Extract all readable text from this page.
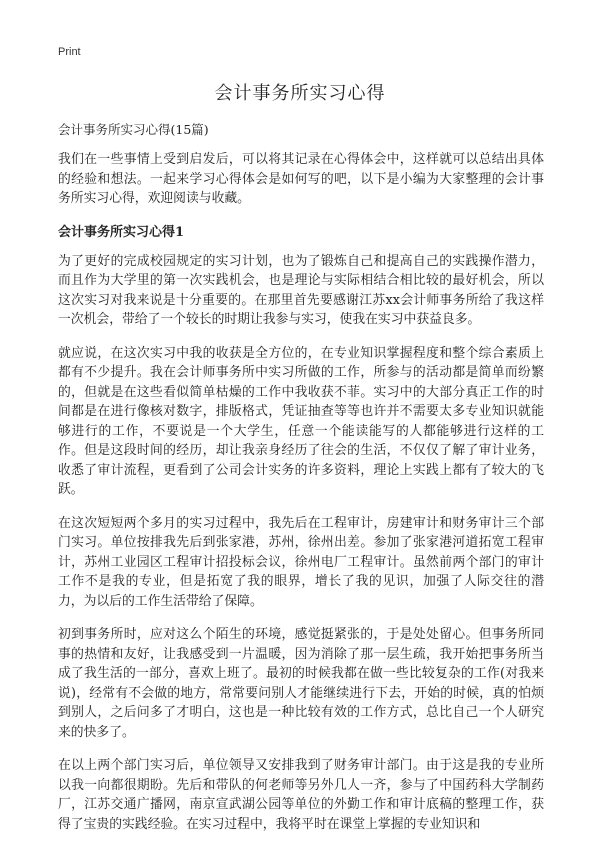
Print
会计事务所实习心得
会计事务所实习心得(15篇)

我们在一些事情上受到启发后，可以将其记录在心得体会中，这样就可以总结出具体的经验和想法。一起来学习心得体会是如何写的吧，以下是小编为大家整理的会计事务所实习心得，欢迎阅读与收藏。

会计事务所实习心得1

为了更好的完成校园规定的实习计划，也为了锻炼自己和提高自己的实践操作潜力，而且作为大学里的第一次实践机会，也是理论与实际相结合相比较的最好机会，所以这次实习对我来说是十分重要的。在那里首先要感谢江苏xx会计师事务所给了我这样一次机会，带给了一个较长的时期让我参与实习，使我在实习中获益良多。

就应说，在这次实习中我的收获是全方位的，在专业知识掌握程度和整个综合素质上都有不少提升。我在会计师事务所中实习所做的工作，所参与的活动都是简单而纷繁的，但就是在这些看似简单枯燥的工作中我收获不菲。实习中的大部分真正工作的时间都是在进行像核对数字，排版格式，凭证抽查等等也许并不需要太多专业知识就能够进行的工作，不要说是一个大学生，任意一个能读能写的人都能够进行这样的工作。但是这段时间的经历，却让我亲身经历了往会的生活，不仅仅了解了审计业务，收悉了审计流程，更看到了公司会计实务的许多资料，理论上实践上都有了较大的飞跃。

在这次短短两个多月的实习过程中，我先后在工程审计，房建审计和财务审计三个部门实习。单位按排我先后到张家港，苏州，徐州出差。参加了张家港河道拓宽工程审计，苏州工业园区工程审计招投标会议，徐州电厂工程审计。虽然前两个部门的审计工作不是我的专业，但是拓宽了我的眼界，增长了我的见识，加强了人际交往的潜力，为以后的工作生活带给了保障。

初到事务所时，应对这么个陌生的环境，感觉挺紧张的，于是处处留心。但事务所同事的热情和友好，让我感受到一片温暖，因为消除了那一层生疏，我开始把事务所当成了我生活的一部分，喜欢上班了。最初的时候我都在做一些比较复杂的工作(对我来说)，经常有不会做的地方，常常要问别人才能继续进行下去，开始的时候，真的怕烦到别人，之后问多了才明白，这也是一种比较有效的工作方式，总比自己一个人研究来的快多了。

在以上两个部门实习后，单位领导又安排我到了财务审计部门。由于这是我的专业所以我一向都很期盼。先后和带队的何老师等另外几人一齐，参与了中国药科大学制药厂，江苏交通广播网，南京宣武湖公园等单位的外勤工作和审计底稿的整理工作，获得了宝贵的实践经验。在实习过程中，我将平时在课堂上掌握的专业知识和
